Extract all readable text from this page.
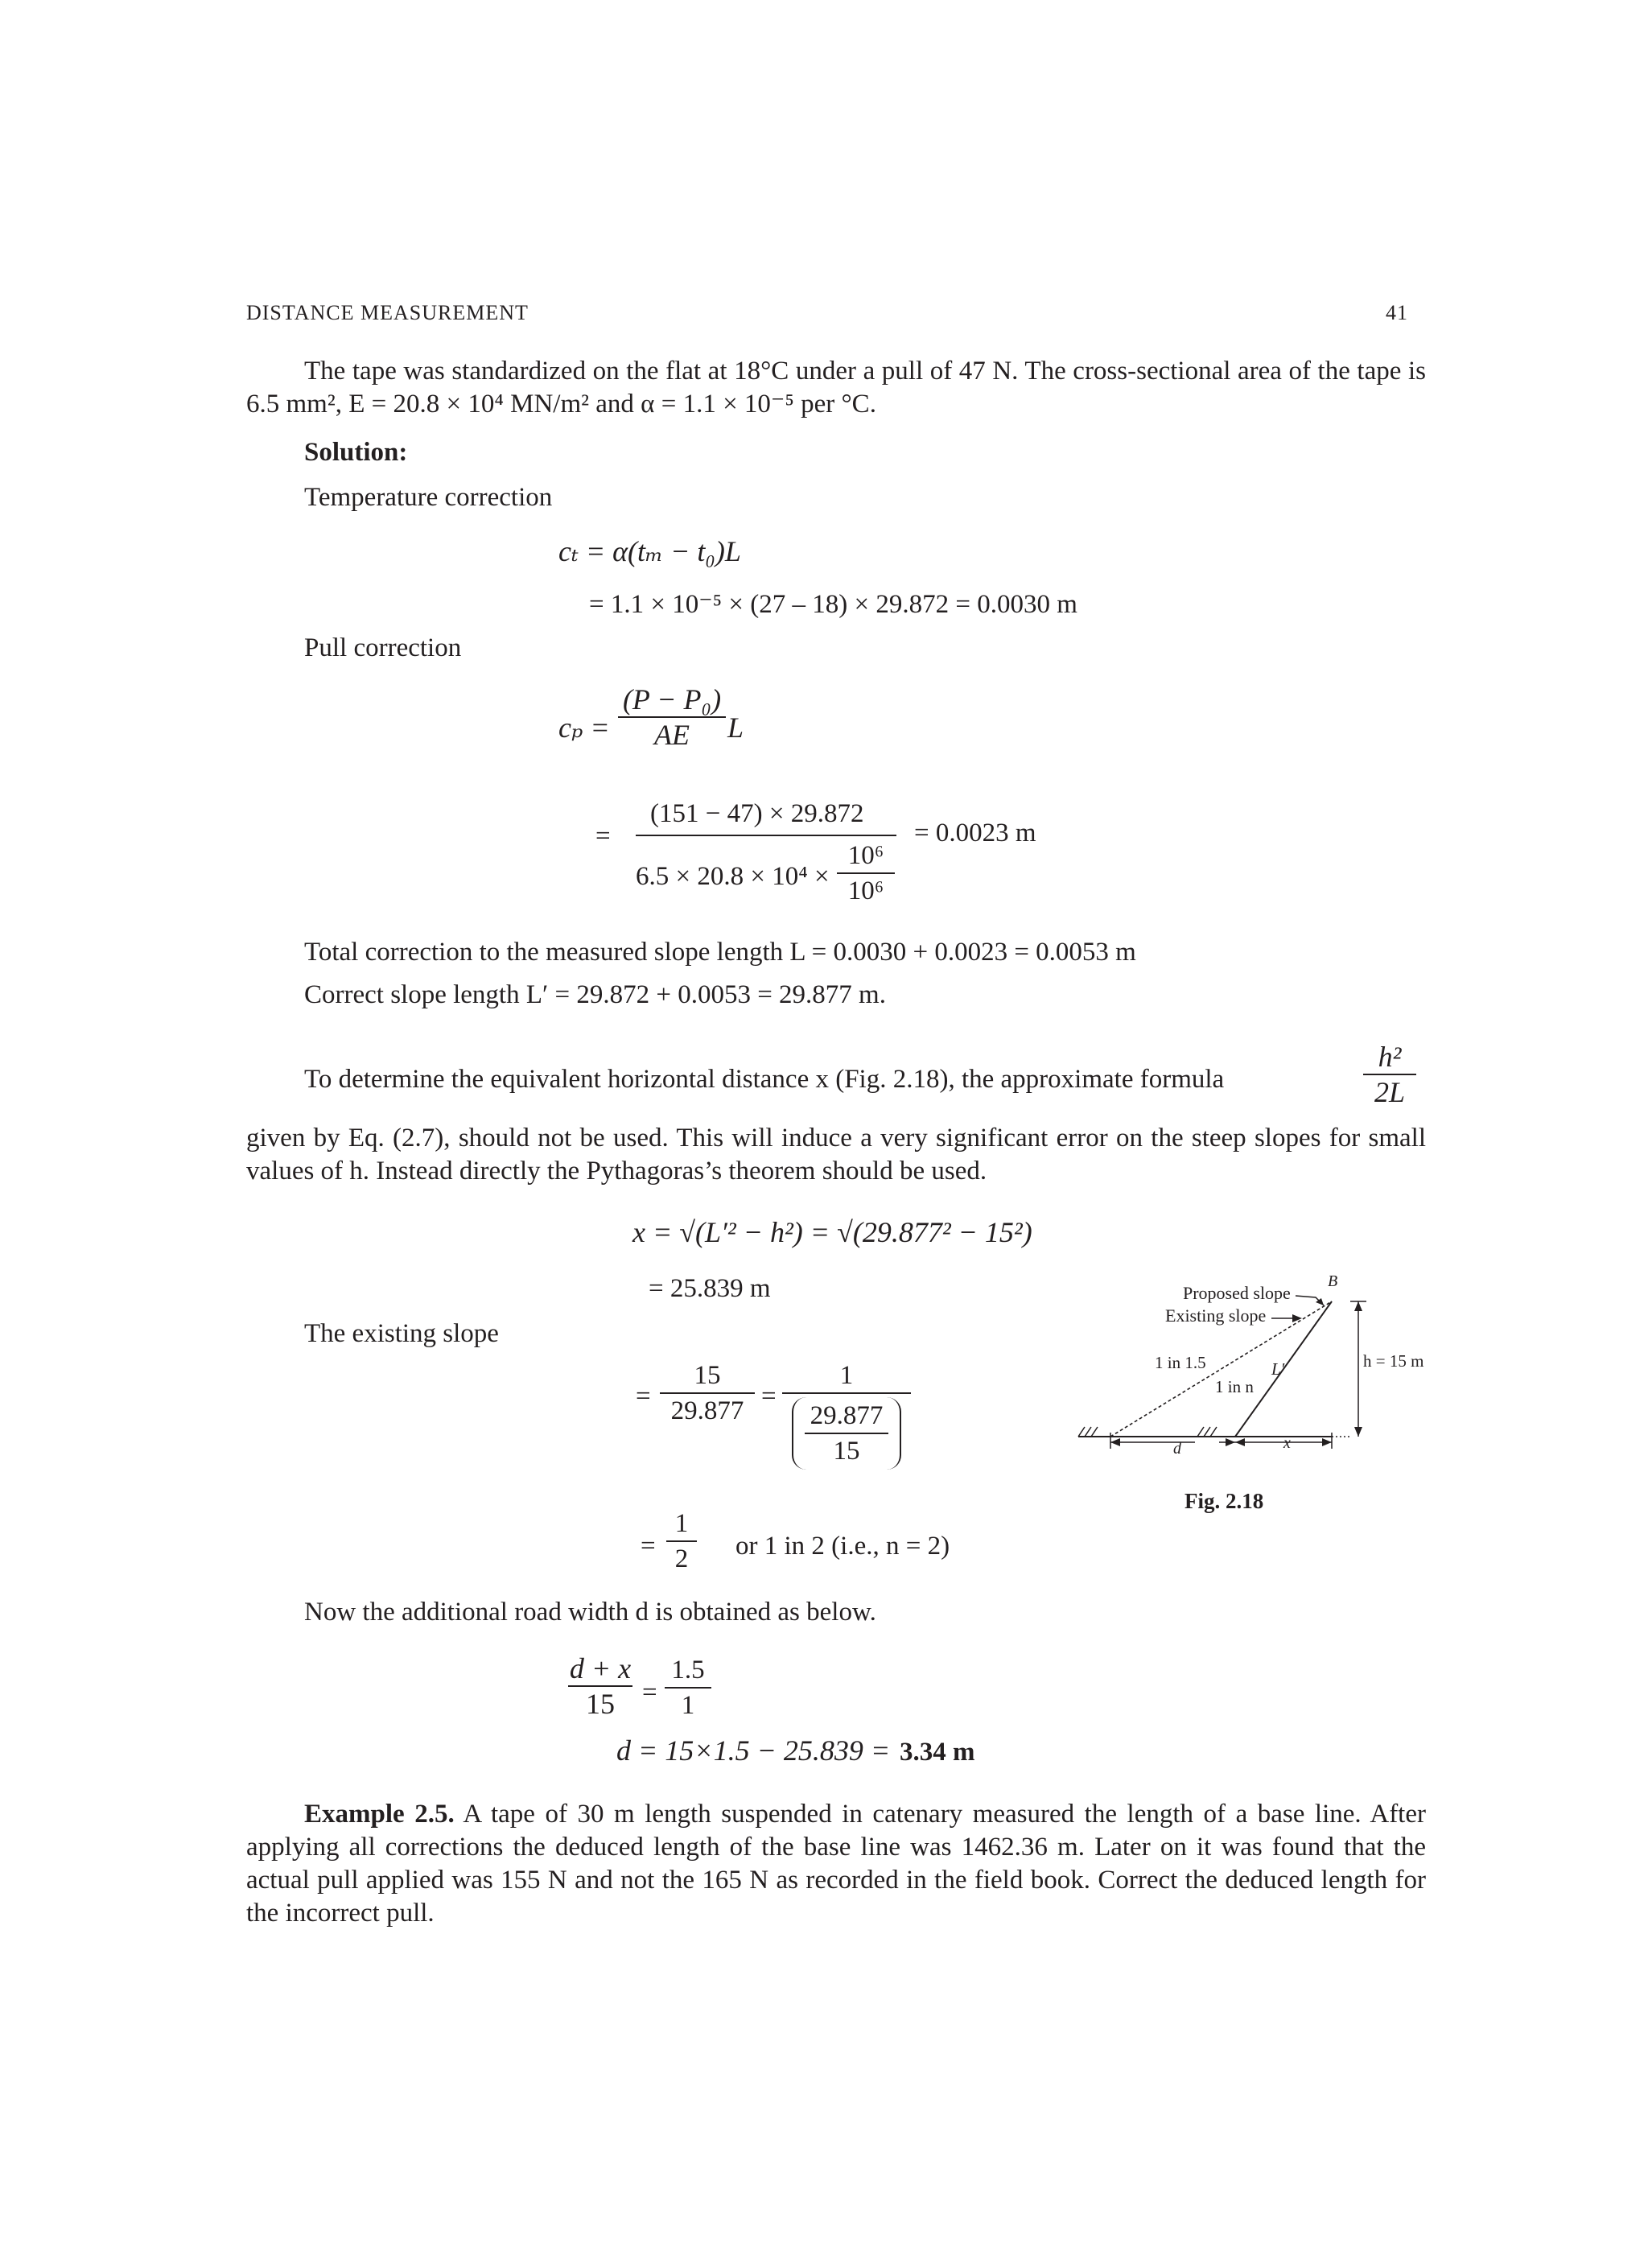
DISTANCE MEASUREMENT	41
The tape was standardized on the flat at 18°C under a pull of 47 N. The cross-sectional area of the tape is 6.5 mm², E = 20.8 × 10⁴ MN/m² and α = 1.1 × 10⁻⁵ per °C.
Solution:
Temperature correction
cₜ = α(tₘ − t₀)L
= 1.1 × 10⁻⁵ × (27 – 18) × 29.872 = 0.0030 m
Pull correction
cₚ =
(P − P₀)
AE	L
=
(151 − 47) × 29.872
6.5 × 20.8 × 10⁴ ×
10⁶
10⁶
= 0.0023 m
Total correction to the measured slope length L = 0.0030 + 0.0023 = 0.0053 m
Correct slope length L′ = 29.872 + 0.0053 = 29.877 m.
To determine the equivalent horizontal distance x (Fig. 2.18), the approximate formula
h²
2L
given by Eq. (2.7), should not be used. This will induce a very significant error on the steep slopes for small values of h. Instead directly the Pythagoras’s theorem should be used.
x = √(L′² − h²) = √(29.877² − 15²)
= 25.839 m
The existing slope
=
15
29.877 =
1
29.877
15
=
1
2	or 1 in 2 (i.e., n = 2)
Now the additional road width d is obtained as below.
d + x
15	=
1.5
1
d = 15×1.5 − 25.839 = 3.34 m
Proposed slope
Existing slope
B
1 in 1.5
1 in n
L′	h = 15 m
d	x
Fig. 2.18
Example 2.5. A tape of 30 m length suspended in catenary measured the length of a base line. After applying all corrections the deduced length of the base line was 1462.36 m. Later on it was found that the actual pull applied was 155 N and not the 165 N as recorded in the field book. Correct the deduced length for the incorrect pull.
